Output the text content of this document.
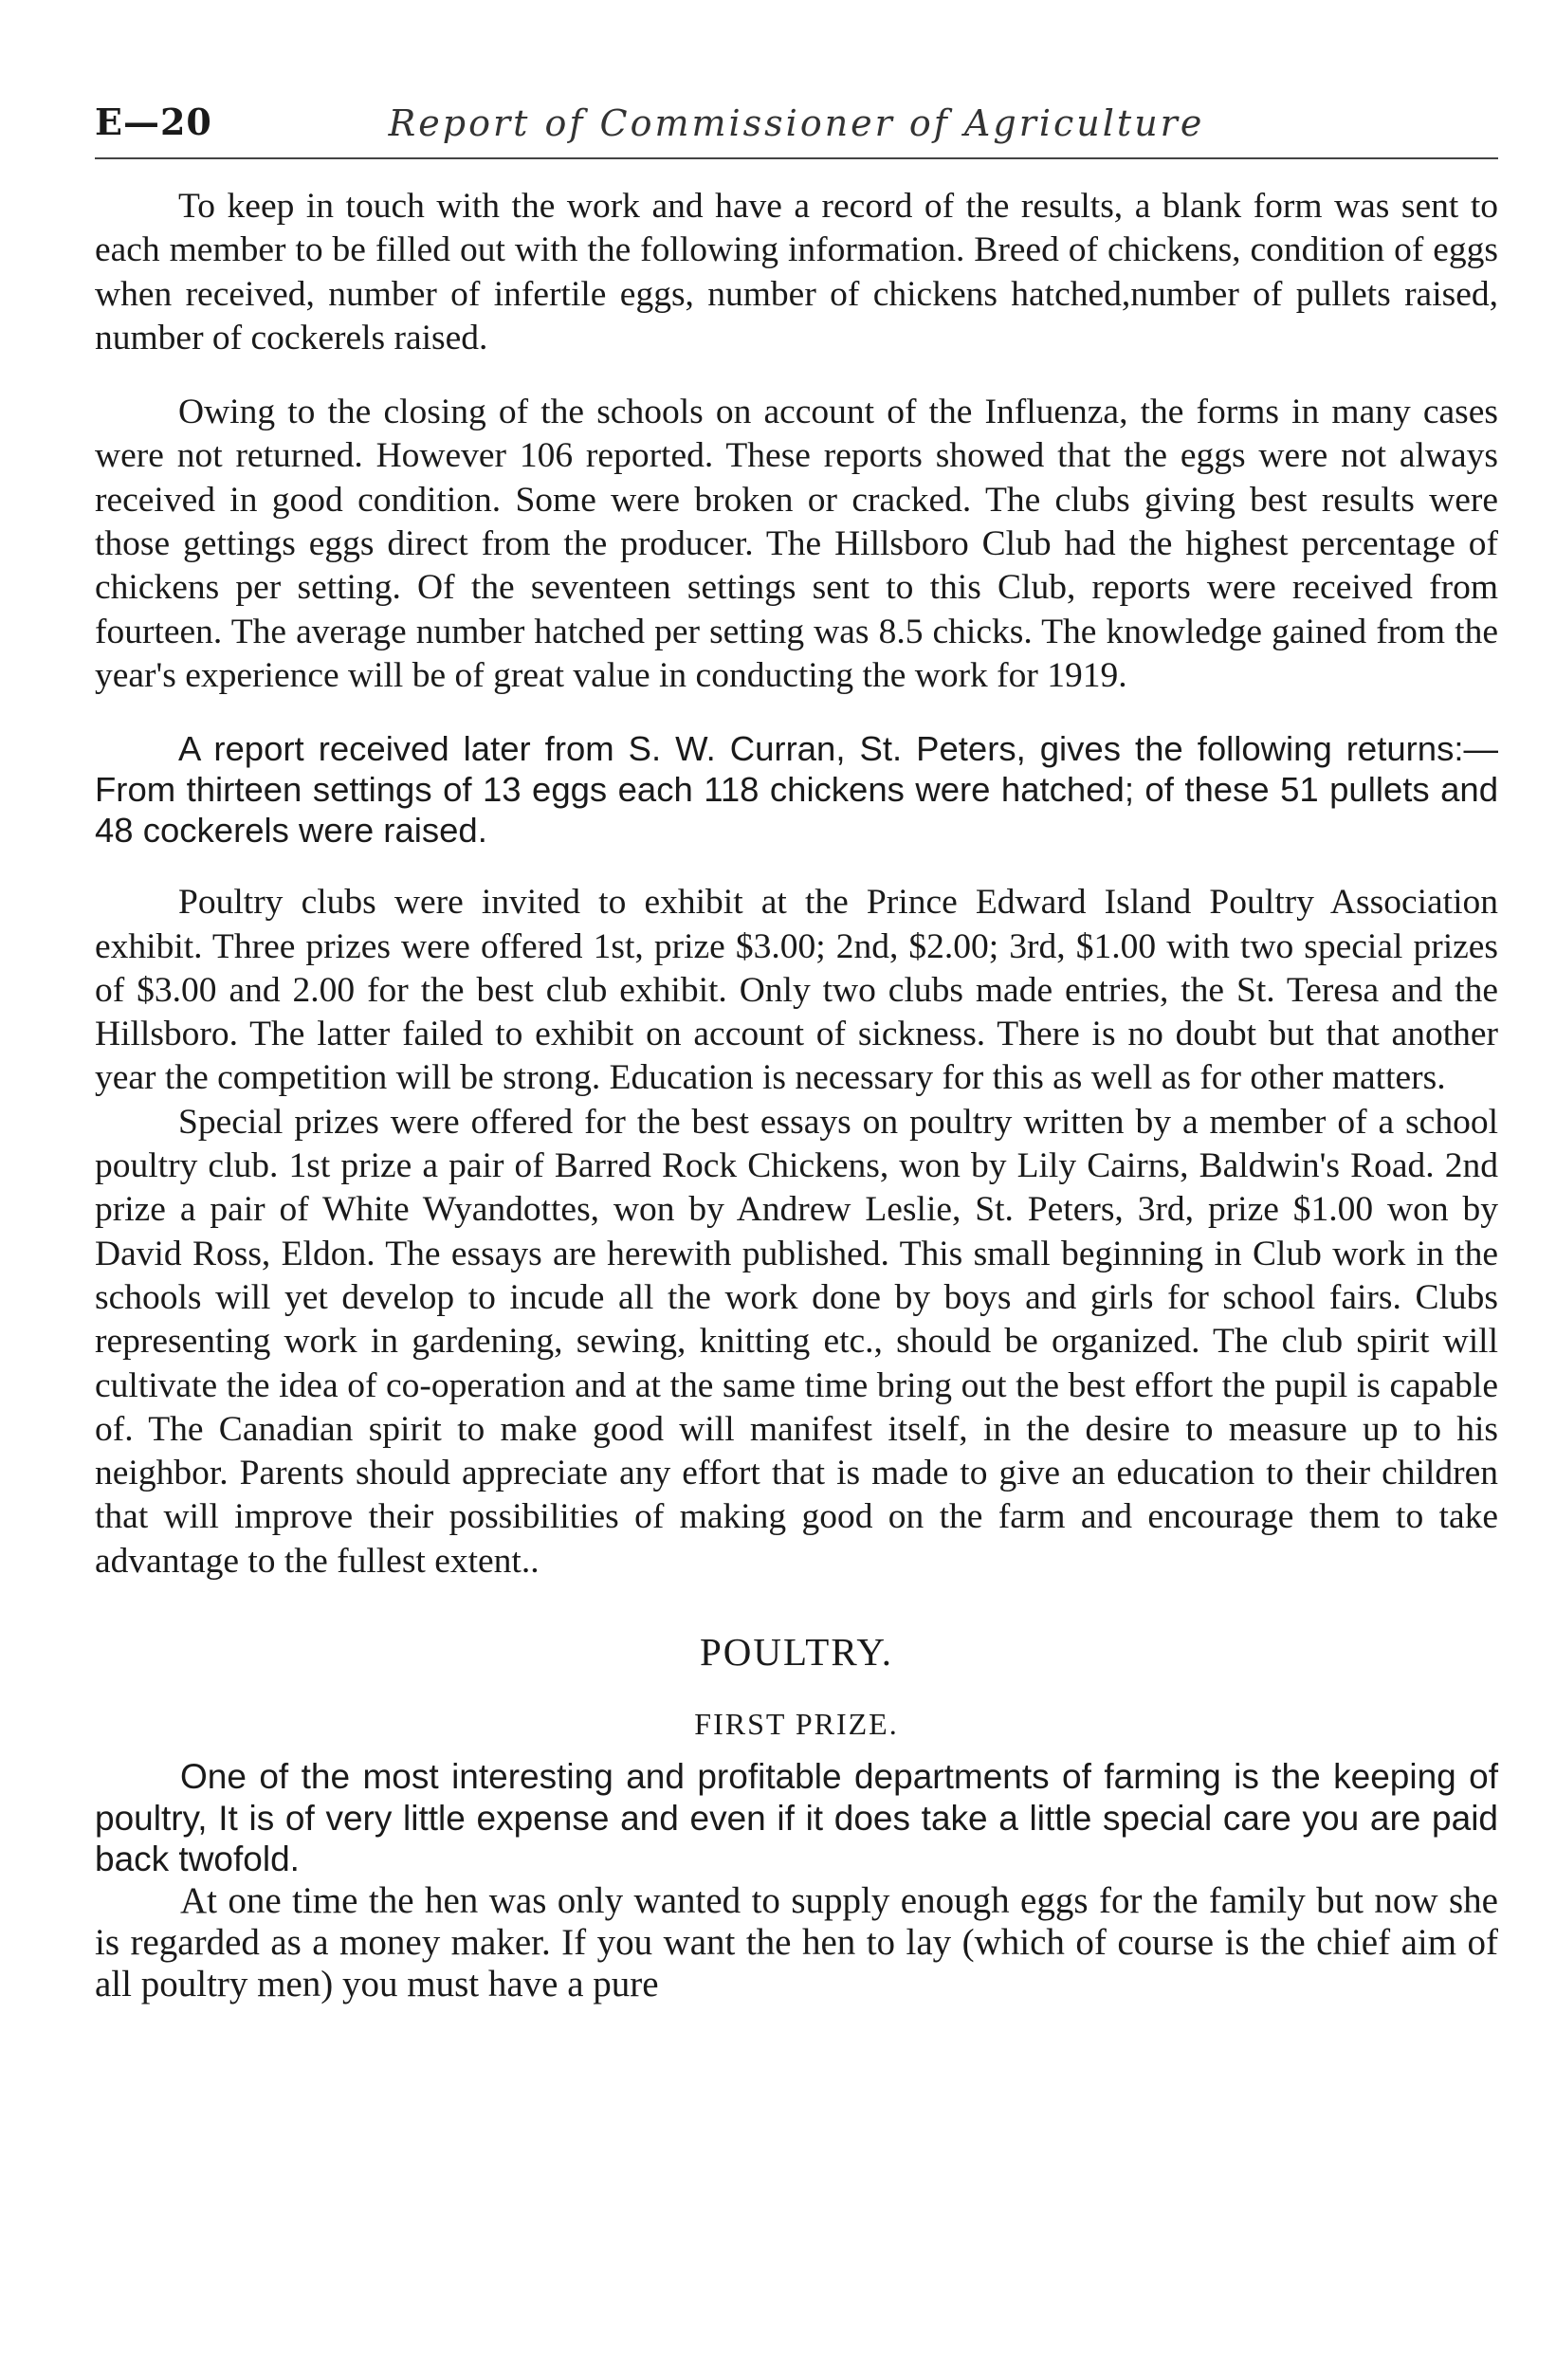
E—20	Report of Commissioner of Agriculture

To keep in touch with the work and have a record of the results, a blank form was sent to each member to be filled out with the following information. Breed of chickens, condition of eggs when received, number of infertile eggs, number of chickens hatched,number of pullets raised, number of cockerels raised.

Owing to the closing of the schools on account of the Influenza, the forms in many cases were not returned. However 106 reported. These reports showed that the eggs were not always received in good condition. Some were broken or cracked. The clubs giving best results were those gettings eggs direct from the producer. The Hillsboro Club had the highest percentage of chickens per setting. Of the seventeen settings sent to this Club, reports were received from fourteen. The average number hatched per setting was 8.5 chicks. The knowledge gained from the year's experience will be of great value in conducting the work for 1919.

A report received later from S. W. Curran, St. Peters, gives the following returns:—From thirteen settings of 13 eggs each 118 chickens were hatched; of these 51 pullets and 48 cockerels were raised.

Poultry clubs were invited to exhibit at the Prince Edward Island Poultry Association exhibit. Three prizes were offered 1st, prize $3.00; 2nd, $2.00; 3rd, $1.00 with two special prizes of $3.00 and 2.00 for the best club exhibit. Only two clubs made entries, the St. Teresa and the Hillsboro. The latter failed to exhibit on account of sickness. There is no doubt but that another year the competition will be strong. Education is necessary for this as well as for other matters.

Special prizes were offered for the best essays on poultry written by a member of a school poultry club. 1st prize a pair of Barred Rock Chickens, won by Lily Cairns, Baldwin's Road. 2nd prize a pair of White Wyandottes, won by Andrew Leslie, St. Peters, 3rd, prize $1.00 won by David Ross, Eldon. The essays are herewith published. This small beginning in Club work in the schools will yet develop to incude all the work done by boys and girls for school fairs. Clubs representing work in gardening, sewing, knitting etc., should be organized. The club spirit will cultivate the idea of co-operation and at the same time bring out the best effort the pupil is capable of. The Canadian spirit to make good will manifest itself, in the desire to measure up to his neighbor. Parents should appreciate any effort that is made to give an education to their children that will improve their possibilities of making good on the farm and encourage them to take advantage to the fullest extent..

POULTRY.
FIRST PRIZE.

One of the most interesting and profitable departments of farming is the keeping of poultry, It is of very little expense and even if it does take a little special care you are paid back twofold.

At one time the hen was only wanted to supply enough eggs for the family but now she is regarded as a money maker. If you want the hen to lay (which of course is the chief aim of all poultry men) you must have a pure
